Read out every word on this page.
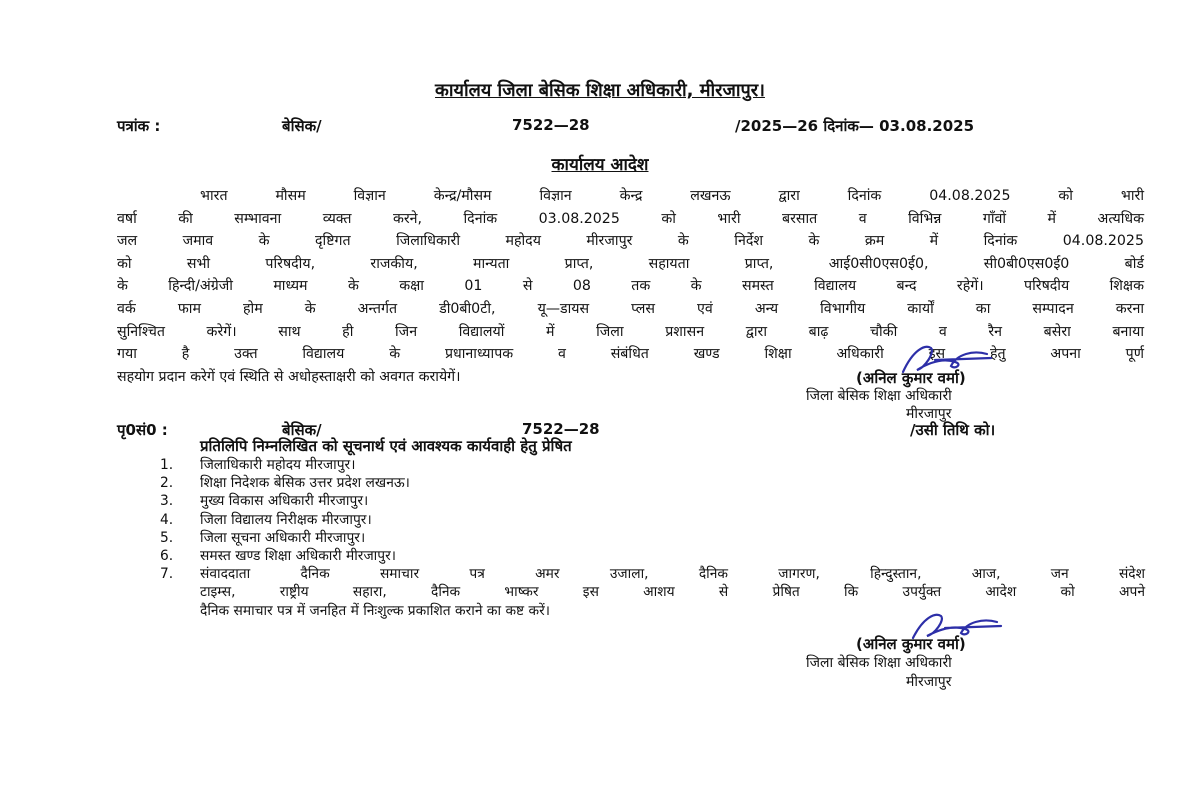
कार्यालय जिला बेसिक शिक्षा अधिकारी, मीरजापुर।
पत्रांक :	बेसिक/	7522—28	/2025—26 दिनांक— 03.08.2025
कार्यालय आदेश
भारत मौसम विज्ञान केन्द्र/मौसम विज्ञान केन्द्र लखनऊ द्वारा दिनांक 04.08.2025 को भारी
वर्षा की सम्भावना व्यक्त करने, दिनांक 03.08.2025 को भारी बरसात व विभिन्न गाँवों में अत्यधिक
जल जमाव के दृष्टिगत जिलाधिकारी महोदय मीरजापुर के निर्देश के क्रम में दिनांक 04.08.2025
को सभी परिषदीय, राजकीय, मान्यता प्राप्त, सहायता प्राप्त, आई0सी0एस0ई0, सी0बी0एस0ई0 बोर्ड
के हिन्दी/अंग्रेजी माध्यम के कक्षा 01 से 08 तक के समस्त विद्यालय बन्द रहेगें। परिषदीय शिक्षक
वर्क फाम होम के अन्तर्गत डी0बी0टी, यू—डायस प्लस एवं अन्य विभागीय कार्यों का सम्पादन करना
सुनिश्चित करेगें। साथ ही जिन विद्यालयों में जिला प्रशासन द्वारा बाढ़ चौकी व रैन बसेरा बनाया
गया है उक्त विद्यालय के प्रधानाध्यापक व संबंधित खण्ड शिक्षा अधिकारी इस हेतु अपना पूर्ण
सहयोग प्रदान करेगें एवं स्थिति से अधोहस्ताक्षरी को अवगत करायेगें।	(अनिल कुमार वर्मा)
जिला बेसिक शिक्षा अधिकारी
मीरजापुर
पृ0सं0 :	बेसिक/	7522—28	/उसी तिथि को।
प्रतिलिपि निम्नलिखित को सूचनार्थ एवं आवश्यक कार्यवाही हेतु प्रेषित
1.	जिलाधिकारी महोदय मीरजापुर।
2.	शिक्षा निदेशक बेसिक उत्तर प्रदेश लखनऊ।
3.	मुख्य विकास अधिकारी मीरजापुर।
4.	जिला विद्यालय निरीक्षक मीरजापुर।
5.	जिला सूचना अधिकारी मीरजापुर।
6.	समस्त खण्ड शिक्षा अधिकारी मीरजापुर।
7.	संवाददाता दैनिक समाचार पत्र अमर उजाला, दैनिक जागरण, हिन्दुस्तान, आज, जन संदेश
टाइम्स, राष्ट्रीय सहारा, दैनिक भाष्कर इस आशय से प्रेषित कि उपर्युक्त आदेश को अपने
दैनिक समाचार पत्र में जनहित में निःशुल्क प्रकाशित कराने का कष्ट करें।
(अनिल कुमार वर्मा)
जिला बेसिक शिक्षा अधिकारी
मीरजापुर
